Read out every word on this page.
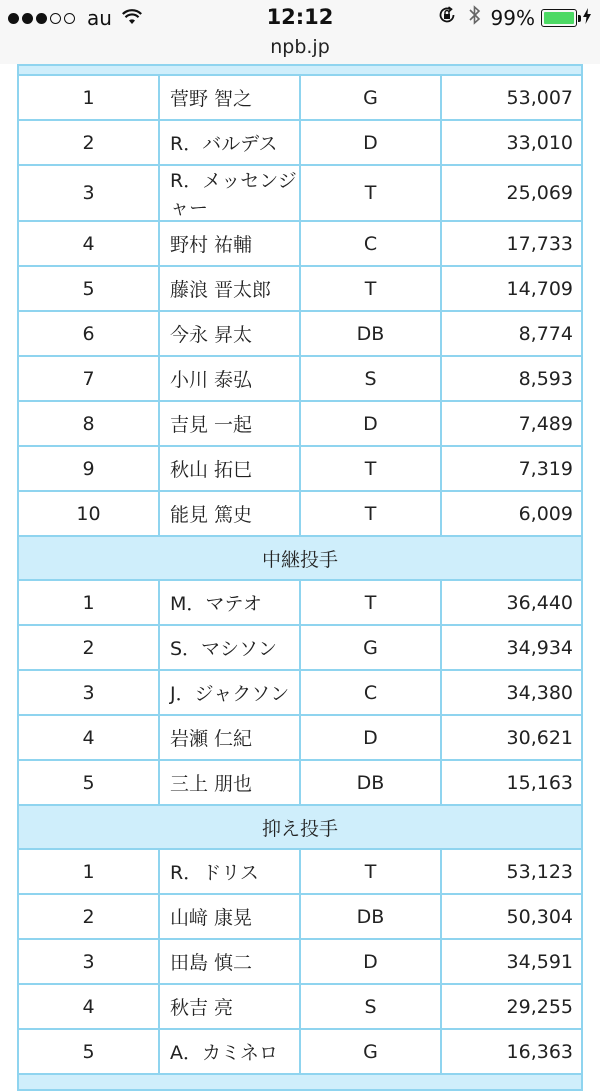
au	12:12	99%
npb.jp

1	菅野 智之	G	53,007
2	R．バルデス	D	33,010
3	R．メッセンジャー	T	25,069
4	野村 祐輔	C	17,733
5	藤浪 晋太郎	T	14,709
6	今永 昇太	DB	8,774
7	小川 泰弘	S	8,593
8	吉見 一起	D	7,489
9	秋山 拓巳	T	7,319
10	能見 篤史	T	6,009
中継投手			
1	M．マテオ	T	36,440
2	S．マシソン	G	34,934
3	J．ジャクソン	C	34,380
4	岩瀬 仁紀	D	30,621
5	三上 朋也	DB	15,163
抑え投手			
1	R．ドリス	T	53,123
2	山﨑 康晃	DB	50,304
3	田島 慎二	D	34,591
4	秋吉 亮	S	29,255
5	A．カミネロ	G	16,363
